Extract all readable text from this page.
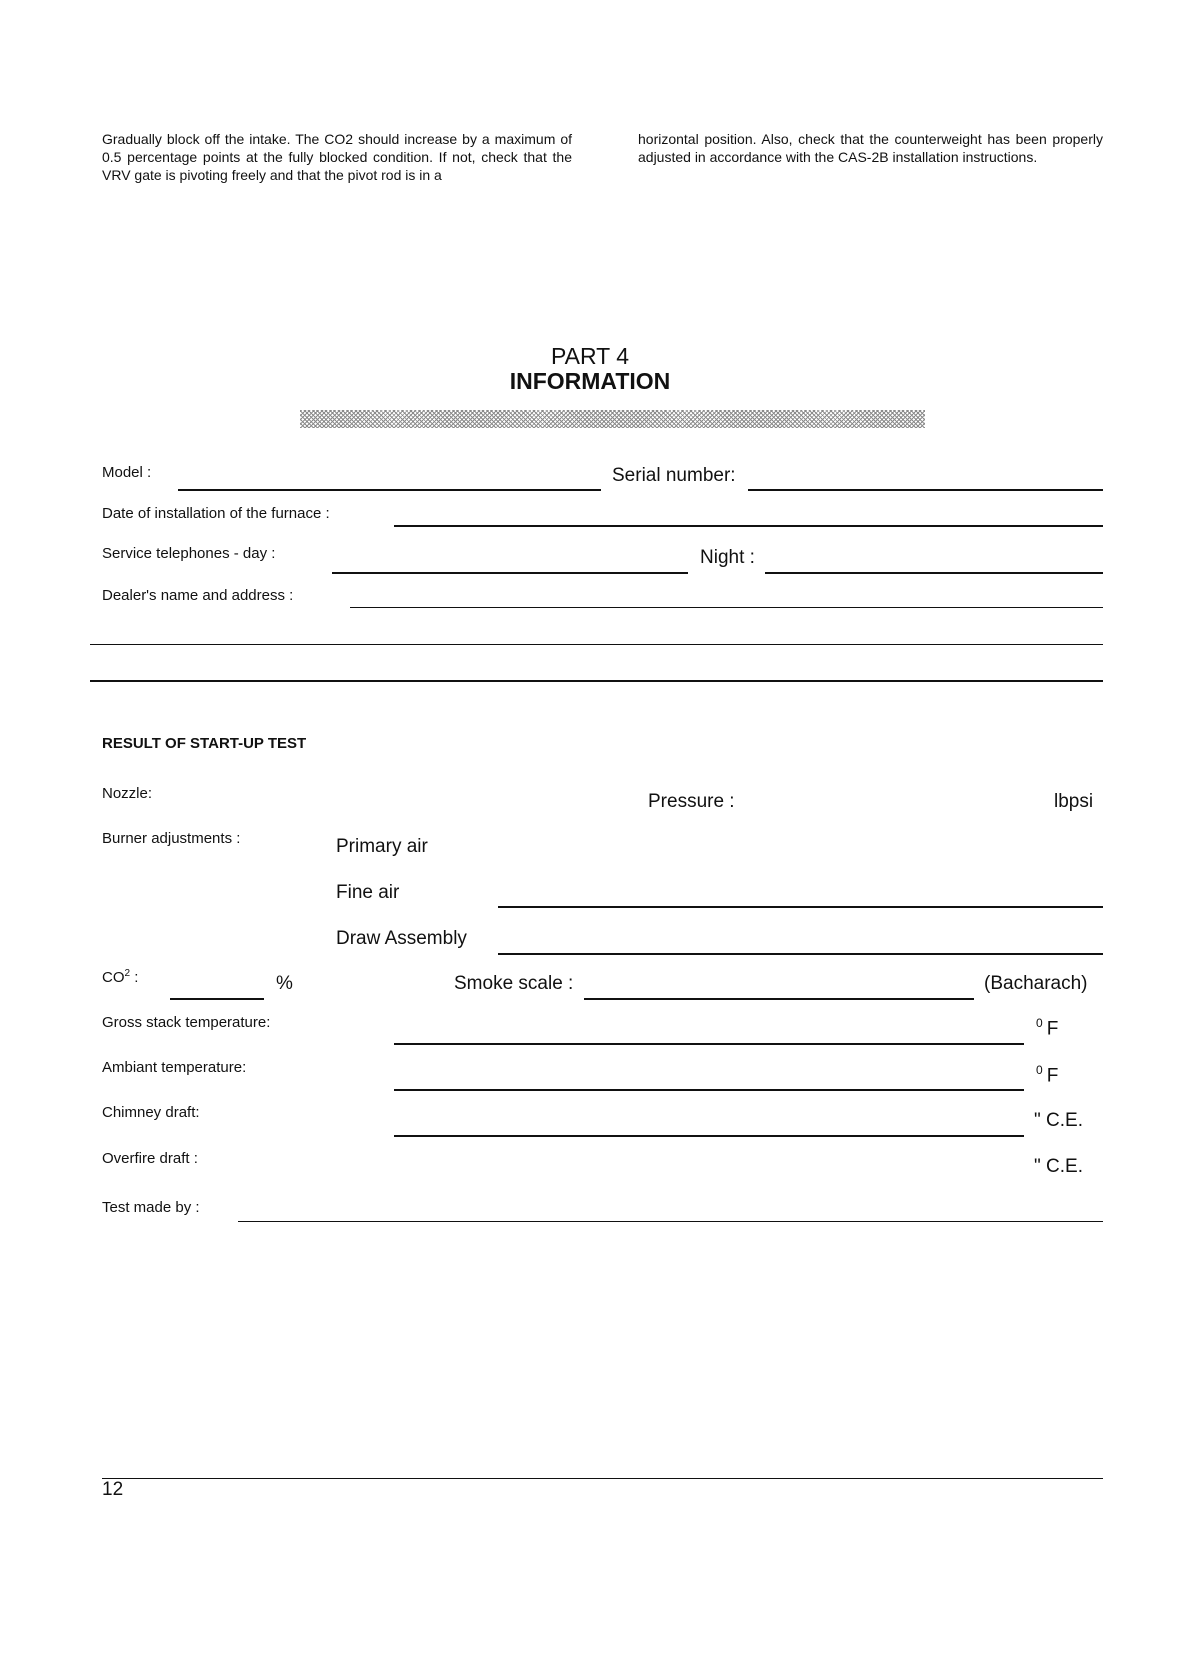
Gradually block off the intake. The CO2 should increase by a maximum of 0.5 percentage points at the fully blocked condition. If not, check that the VRV gate is pivoting freely and that the pivot rod is in a
horizontal position. Also, check that the counterweight has been properly adjusted in accordance with the CAS-2B installation instructions.
PART 4
INFORMATION
Model :	Serial number:
Date of installation of the furnace :
Service telephones - day :	Night :
Dealer's name and address :
RESULT OF START-UP TEST
Nozzle:	Pressure :	lbpsi
Burner adjustments :	Primary air
Fine air
Draw Assembly
$CO^2$ :	%	Smoke scale :	(Bacharach)
Gross stack temperature:	$^0$ F
Ambiant temperature:	$^0$ F
Chimney draft:	" C.E.
Overfire draft :	" C.E.
Test made by :
12
